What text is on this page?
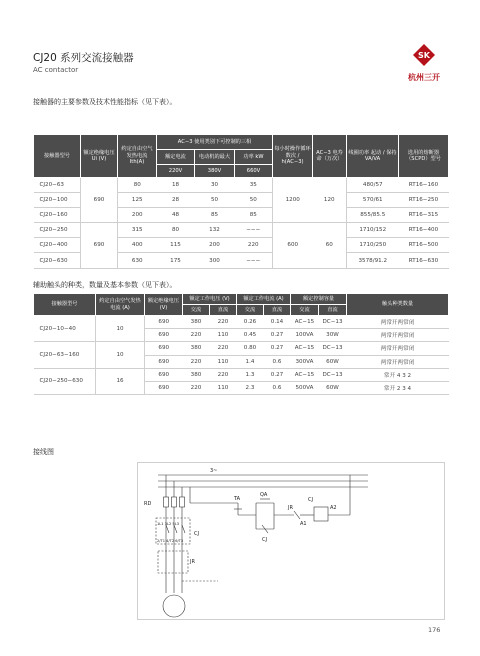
CJ20 系列交流接触器
AC contactor
SK
杭州三开
接触器的主要参数及技术性能指标（见下表）。
接触器型号	额定绝缘电压 Ui (V)	约定自由空气发热电流 Ith(A)	AC−3 使用类别下可控制的三相			每小时操作循环数次 / h(AC−3)	AC−3 电寿命（万次）	线圈功率 起动 / 保持 VA/VA	选用的熔断器（SCPD）型号
			额定电流	电动机的最大	功率 kW				
			220V	380V	660V				
CJ20−63	690	80	18	30	35	1200	120	480/57	RT16−160
CJ20−100		125	28	50	50			570/61	RT16−250
CJ20−160		200	48	85	85			855/85.5	RT16−315
CJ20−250	690	315	80	132	−−−	600	60	1710/152	RT16−400
CJ20−400		400	115	200	220			1710/250	RT16−500
CJ20−630		630	175	300	−−−			3578/91.2	RT16−630
辅助触头的种类，数量及基本参数（见下表）。
接触器型号	约定自由空气发热电流 (A)	额定绝缘电压 (V)	额定工作电压 (V)		额定工作电流 (A)		额定控制容量		触头种类数量
			交流	直流	交流	直流	交流	直流	
CJ20−10−40	10	690	380	220	0.26	0.14	AC−15	DC−13	两常开两常闭
		690	220	110	0.45	0.27	100VA	30W	两常开两常闭
CJ20−63−160	10	690	380	220	0.80	0.27	AC−15	DC−13	两常开两常闭
		690	220	110	1.4	0.6	300VA	60W	两常开两常闭
CJ20−250−630	16	690	380	220	1.3	0.27	AC−15	DC−13	常开 4 3 2
		690	220	110	2.3	0.6	500VA	60W	常开 2 3 4
接线图
3~
RD
QA
TA
JR
CJ
A1
A2
CJ
CJ
JR
1L1 3L2 5L3
2/T1 4/T2 6/T3
176
